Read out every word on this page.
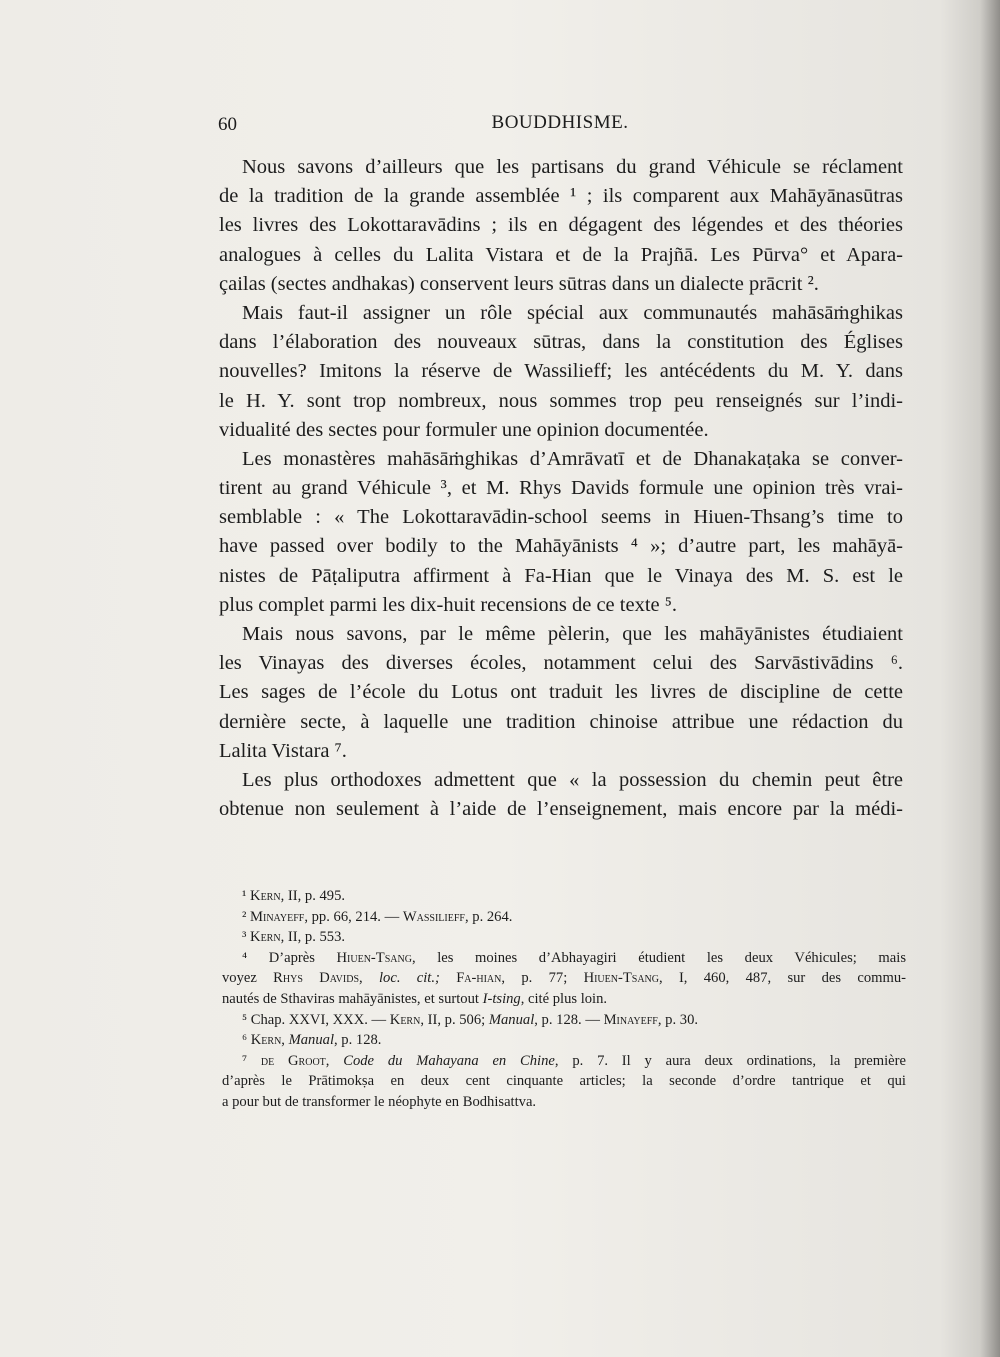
60	BOUDDHISME.
Nous savons d’ailleurs que les partisans du grand Véhicule se réclament
de la tradition de la grande assemblée ¹ ; ils comparent aux Mahāyānasūtras
les livres des Lokottaravādins ; ils en dégagent des légendes et des théories
analogues à celles du Lalita Vistara et de la Prajñā. Les Pūrva° et Apara-
çailas (sectes andhakas) conservent leurs sūtras dans un dialecte prācrit ².
Mais faut-il assigner un rôle spécial aux communautés mahāsāṁghikas
dans l’élaboration des nouveaux sūtras, dans la constitution des Églises
nouvelles? Imitons la réserve de Wassilieff; les antécédents du M. Y. dans
le H. Y. sont trop nombreux, nous sommes trop peu renseignés sur l’indi-
vidualité des sectes pour formuler une opinion documentée.
Les monastères mahāsāṁghikas d’Amrāvatī et de Dhanakaṭaka se conver-
tirent au grand Véhicule ³, et M. Rhys Davids formule une opinion très vrai-
semblable : « The Lokottaravādin-school seems in Hiuen-Thsang’s time to
have passed over bodily to the Mahāyānists ⁴ »; d’autre part, les mahāyā-
nistes de Pāṭaliputra affirment à Fa-Hian que le Vinaya des M. S. est le
plus complet parmi les dix-huit recensions de ce texte ⁵.
Mais nous savons, par le même pèlerin, que les mahāyānistes étudiaient
les Vinayas des diverses écoles, notamment celui des Sarvāstivādins ⁶.
Les sages de l’école du Lotus ont traduit les livres de discipline de cette
dernière secte, à laquelle une tradition chinoise attribue une rédaction du
Lalita Vistara ⁷.
Les plus orthodoxes admettent que « la possession du chemin peut être
obtenue non seulement à l’aide de l’enseignement, mais encore par la médi-
¹ Kern, II, p. 495.
² Minayeff, pp. 66, 214. — Wassilieff, p. 264.
³ Kern, II, p. 553.
⁴ D’après Hiuen-Tsang, les moines d’Abhayagiri étudient les deux Véhicules; mais
voyez Rhys Davids, loc. cit.; Fa-hian, p. 77; Hiuen-Tsang, I, 460, 487, sur des commu-
nautés de Sthaviras mahāyānistes, et surtout I-tsing, cité plus loin.
⁵ Chap. XXVI, XXX. — Kern, II, p. 506; Manual, p. 128. — Minayeff, p. 30.
⁶ Kern, Manual, p. 128.
⁷ de Groot, Code du Mahayana en Chine, p. 7. Il y aura deux ordinations, la première
d’après le Prātimokṣa en deux cent cinquante articles; la seconde d’ordre tantrique et qui
a pour but de transformer le néophyte en Bodhisattva.
